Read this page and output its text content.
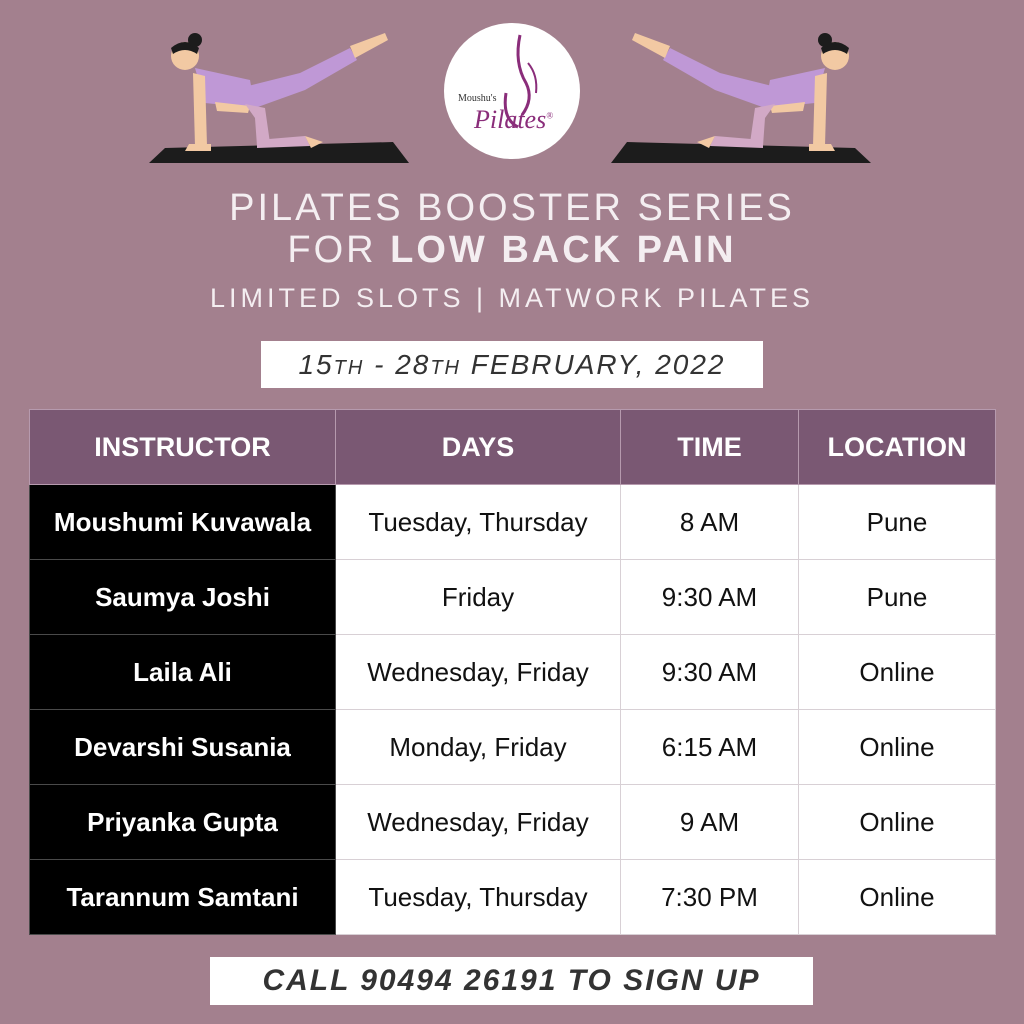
Moushu's
Pilates®
PILATES BOOSTER SERIES
FOR LOW BACK PAIN
LIMITED SLOTS | MATWORK PILATES
15TH - 28TH FEBRUARY, 2022
INSTRUCTOR	DAYS	TIME	LOCATION
Moushumi Kuvawala	Tuesday, Thursday	8 AM	Pune
Saumya Joshi	Friday	9:30 AM	Pune
Laila Ali	Wednesday, Friday	9:30 AM	Online
Devarshi Susania	Monday, Friday	6:15 AM	Online
Priyanka Gupta	Wednesday, Friday	9 AM	Online
Tarannum Samtani	Tuesday, Thursday	7:30 PM	Online
CALL 90494 26191 TO SIGN UP
